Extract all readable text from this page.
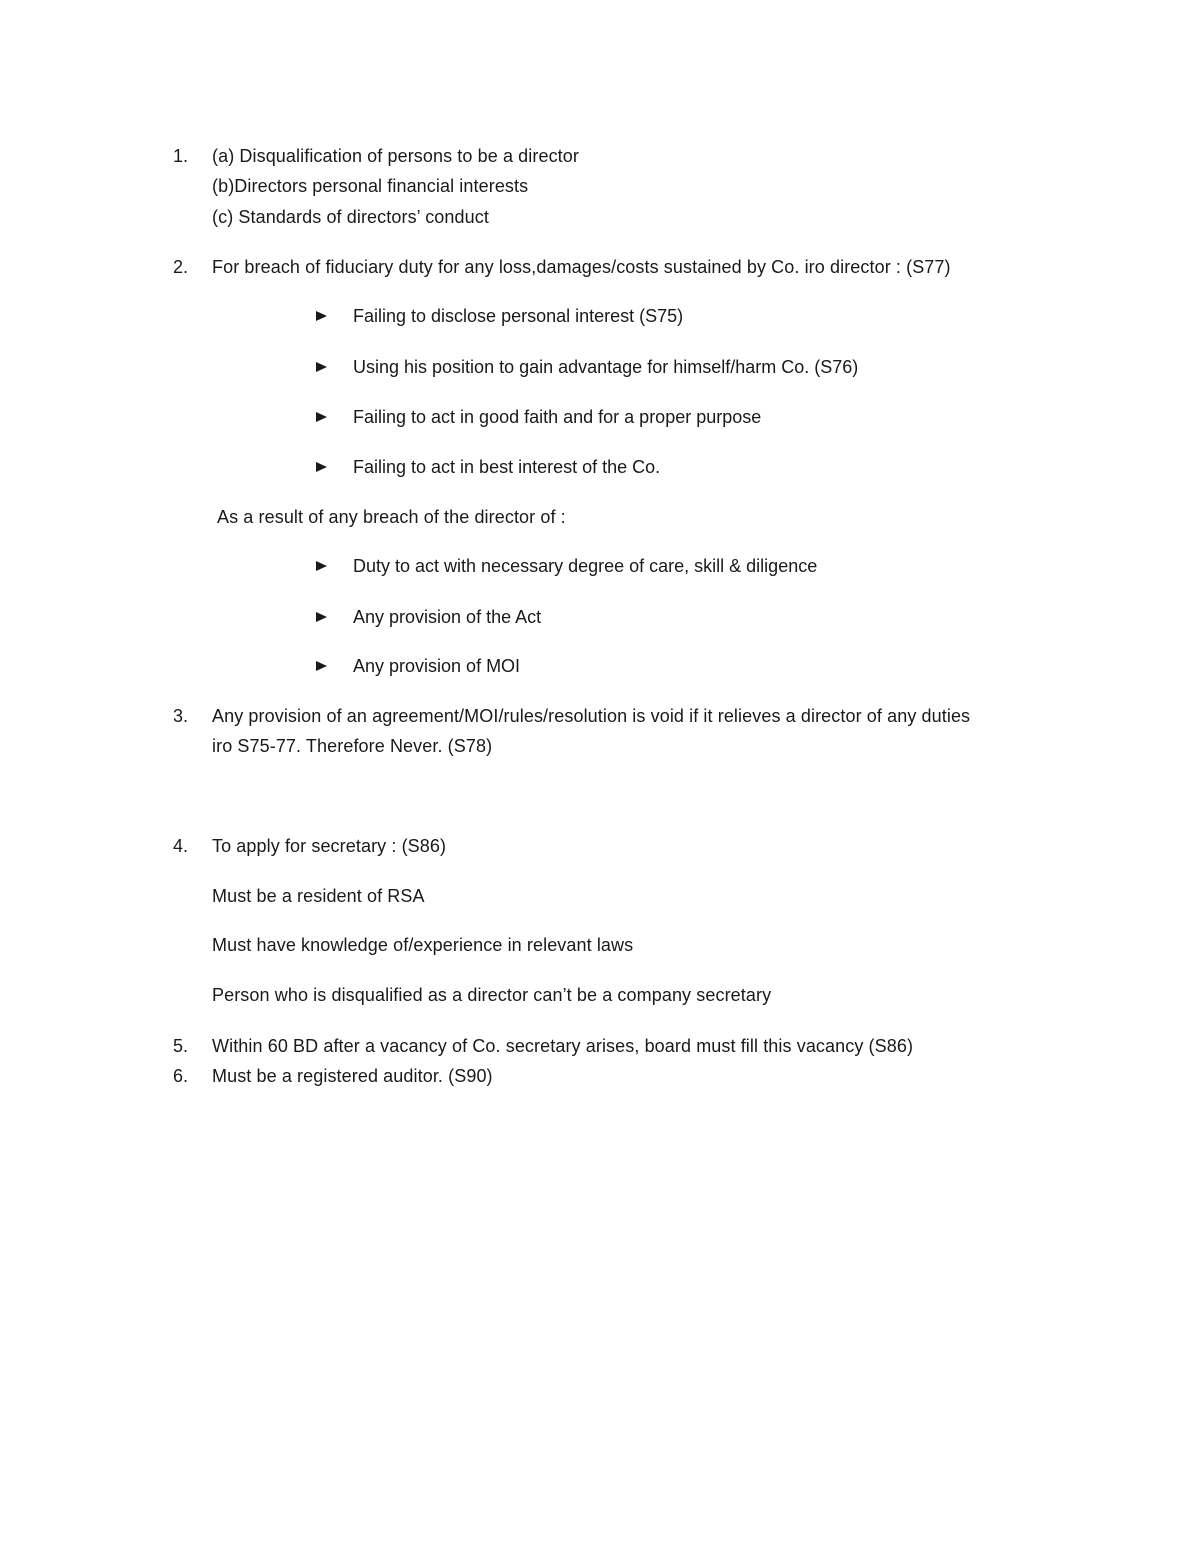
1. (a) Disqualification of persons to be a director
(b)Directors personal financial interests
(c) Standards of directors’ conduct
2. For breach of fiduciary duty for any loss,damages/costs sustained by Co. iro director : (S77)
Failing to disclose personal interest (S75)
Using his position to gain advantage for himself/harm Co. (S76)
Failing to act in good faith and for a proper purpose
Failing to act in best interest of the Co.
As a result of any breach of the director of :
Duty to act with necessary degree of care, skill & diligence
Any provision of the Act
Any provision of MOI
3. Any provision of an agreement/MOI/rules/resolution is void if it relieves a director of any duties
iro S75-77. Therefore Never. (S78)
4. To apply for secretary : (S86)
Must be a resident of RSA
Must have knowledge of/experience in relevant laws
Person who is disqualified as a director can’t be a company secretary
5. Within 60 BD after a vacancy of Co. secretary arises, board must fill this vacancy (S86)
6. Must be a registered auditor. (S90)
